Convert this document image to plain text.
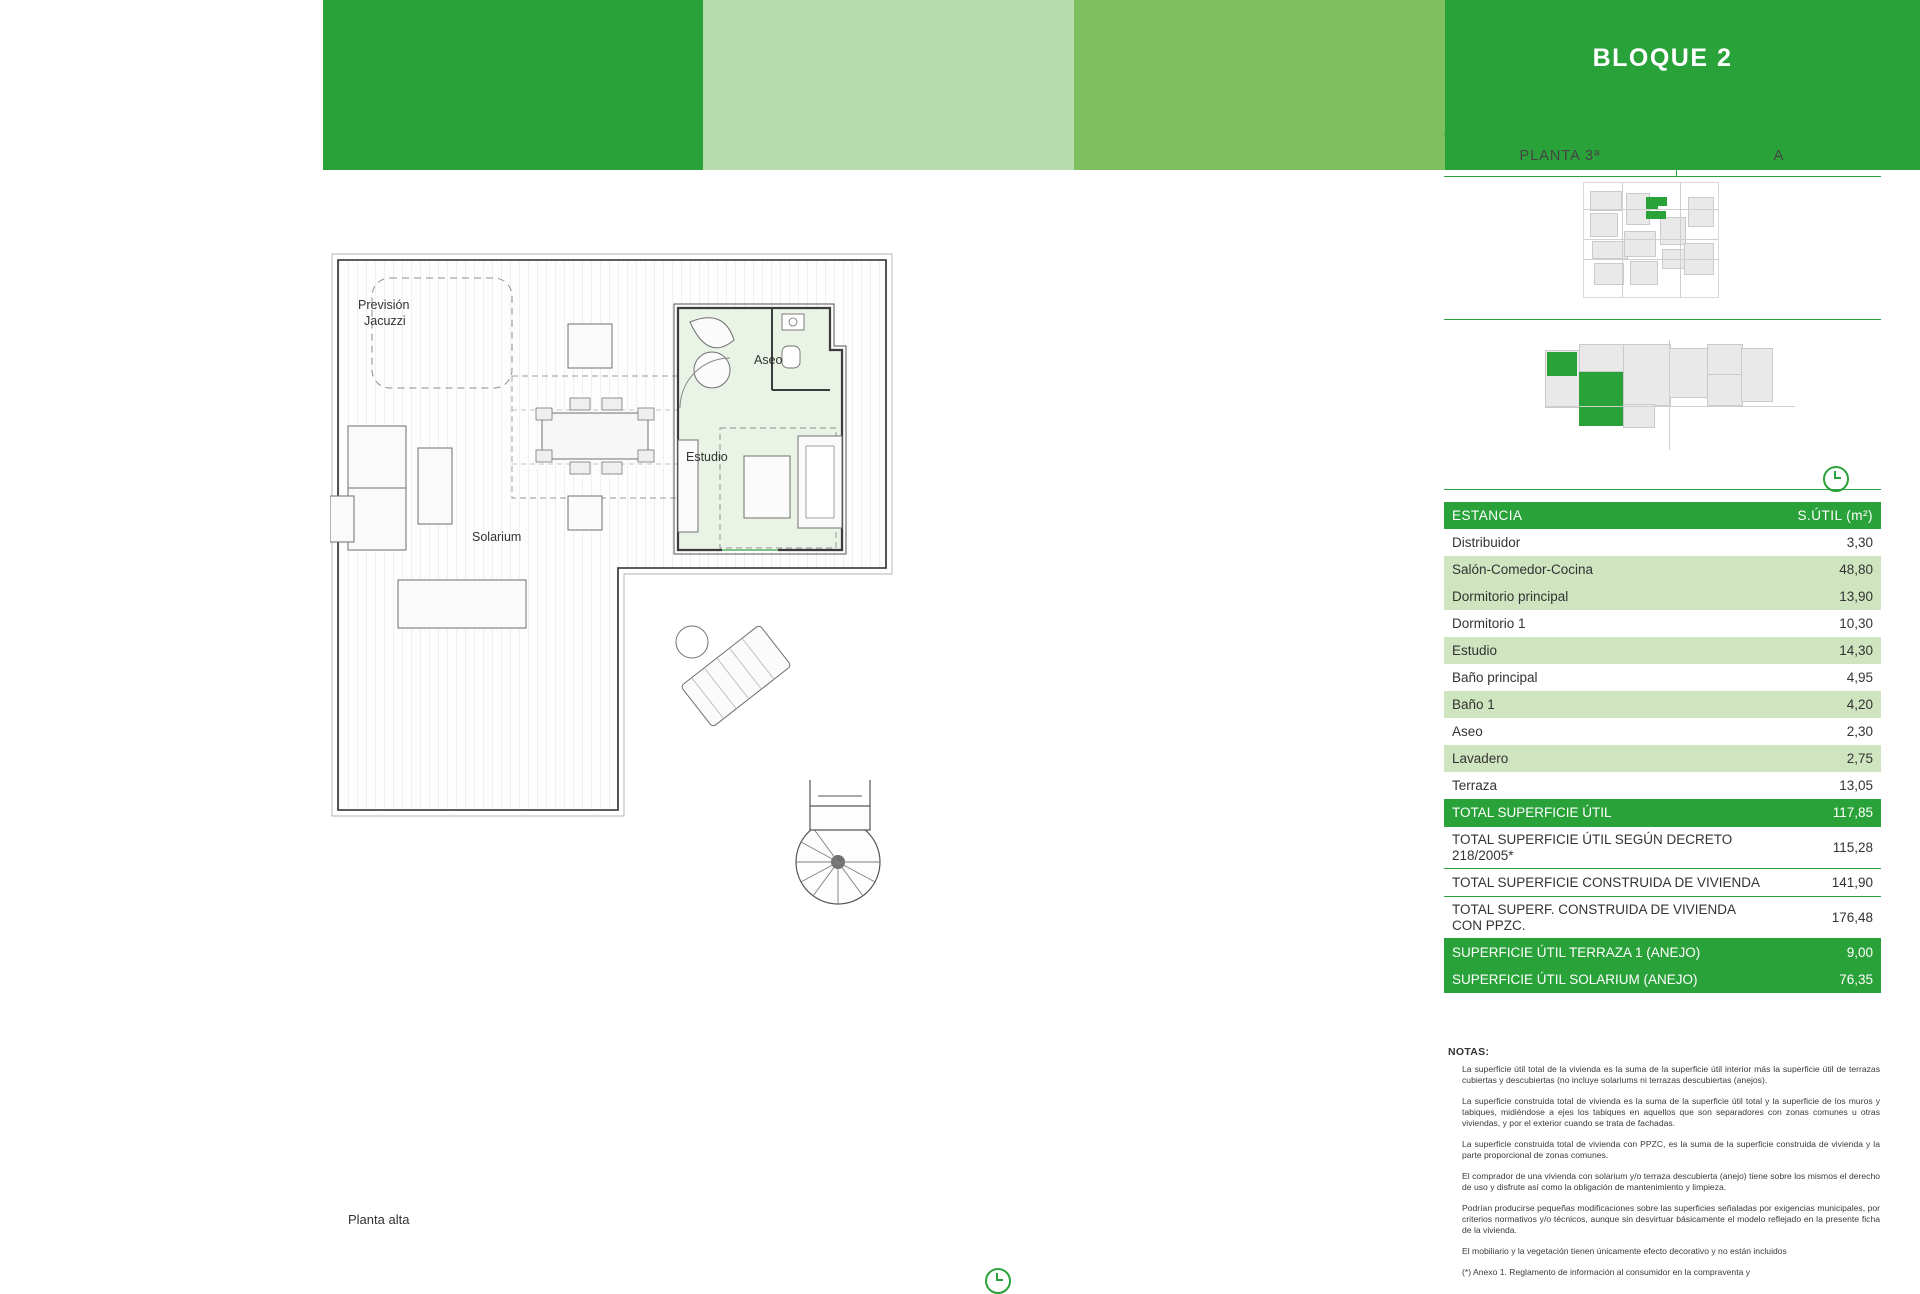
BLOQUE 2
PLANTA 3ª	A
ESTANCIA	S.ÚTIL (m²)
Distribuidor	3,30
Salón-Comedor-Cocina	48,80
Dormitorio principal	13,90
Dormitorio 1	10,30
Estudio	14,30
Baño principal	4,95
Baño 1	4,20
Aseo	2,30
Lavadero	2,75
Terraza	13,05
TOTAL SUPERFICIE ÚTIL	117,85
TOTAL SUPERFICIE ÚTIL SEGÚN DECRETO 218/2005*	115,28
TOTAL SUPERFICIE CONSTRUIDA DE VIVIENDA	141,90
TOTAL SUPERF. CONSTRUIDA DE VIVIENDA CON PPZC.	176,48
SUPERFICIE ÚTIL TERRAZA 1 (ANEJO)	9,00
SUPERFICIE ÚTIL SOLARIUM (ANEJO)	76,35
NOTAS:

La superficie útil total de la vivienda es la suma de la superficie útil interior más la superficie útil de terrazas cubiertas y descubiertas (no incluye solariums ni terrazas descubiertas (anejos).

La superficie construida total de vivienda es la suma de la superficie útil total y la superficie de los muros y tabiques, midiéndose a ejes los tabiques en aquellos que son separadores con zonas comunes u otras viviendas, y por el exterior cuando se trata de fachadas.

La superficie construida total de vivienda con PPZC, es la suma de la superficie construida de vivienda y la parte proporcional de zonas comunes.

El comprador de una vivienda con solarium y/o terraza descubierta (anejo) tiene sobre los mismos el derecho de uso y disfrute así como la obligación de mantenimiento y limpieza.

Podrían producirse pequeñas modificaciones sobre las superficies señaladas por exigencias municipales, por criterios normativos y/o técnicos, aunque sin desvirtuar básicamente el modelo reflejado en la presente ficha de la vivienda.

El mobiliario y la vegetación tienen únicamente efecto decorativo y no están incluidos

(*) Anexo 1. Reglamento de información al consumidor en la compraventa y

Previsión
Jacuzzi
Aseo
Estudio
Solarium
Planta alta
